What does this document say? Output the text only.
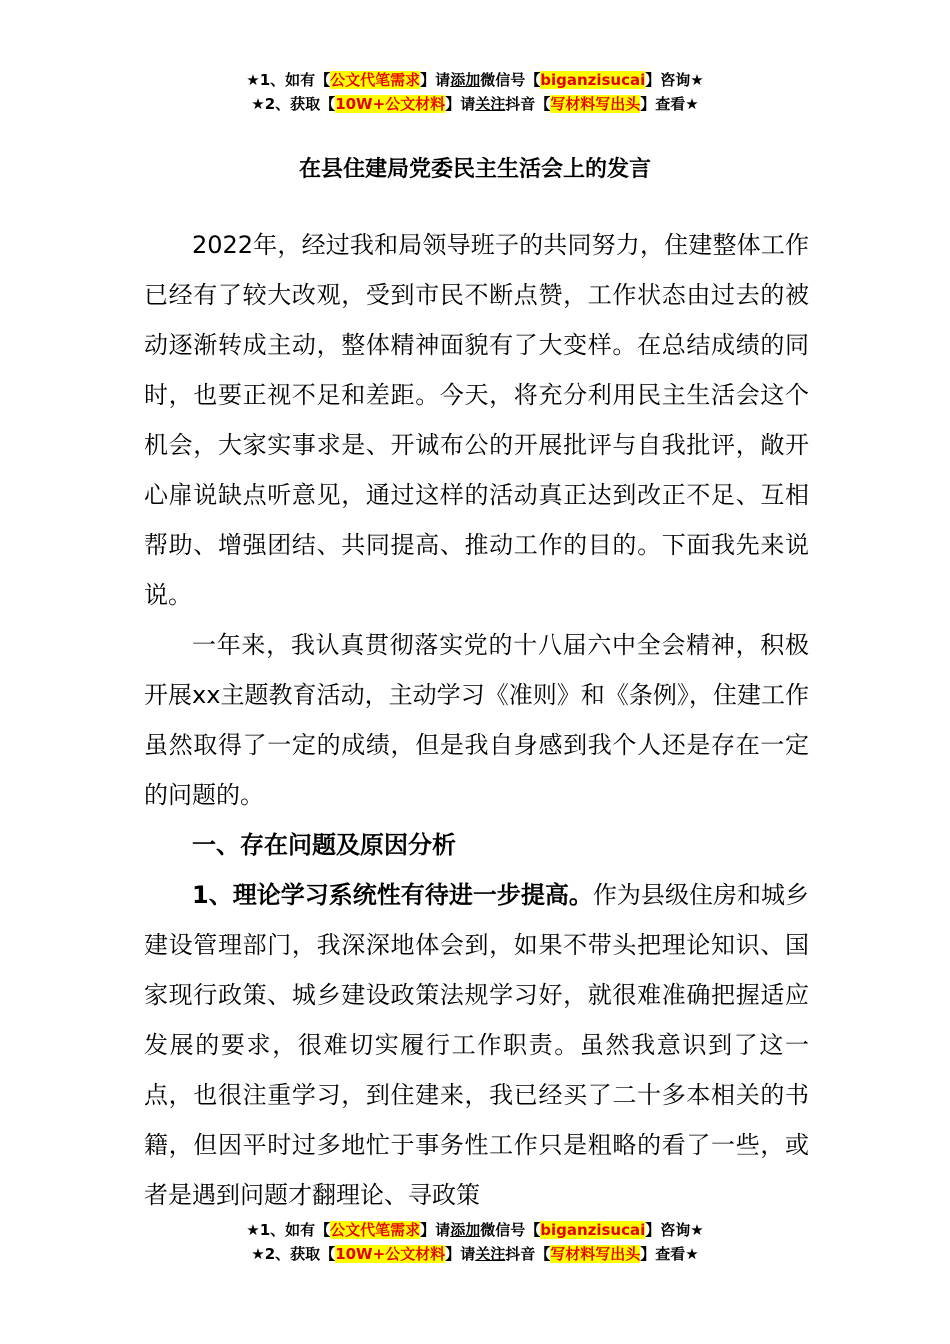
★1、如有【公文代笔需求】请添加微信号【biganzisucai】咨询★
★2、获取【10W+公文材料】请关注抖音【写材料写出头】查看★
在县住建局党委民主生活会上的发言

2022年，经过我和局领导班子的共同努力，住建整体工作已经有了较大改观，受到市民不断点赞，工作状态由过去的被动逐渐转成主动，整体精神面貌有了大变样。在总结成绩的同时，也要正视不足和差距。今天，将充分利用民主生活会这个机会，大家实事求是、开诚布公的开展批评与自我批评，敞开心扉说缺点听意见，通过这样的活动真正达到改正不足、互相帮助、增强团结、共同提高、推动工作的目的。下面我先来说说。

一年来，我认真贯彻落实党的十八届六中全会精神，积极开展xx主题教育活动，主动学习《准则》和《条例》，住建工作虽然取得了一定的成绩，但是我自身感到我个人还是存在一定的问题的。

一、存在问题及原因分析

1、理论学习系统性有待进一步提高。作为县级住房和城乡建设管理部门，我深深地体会到，如果不带头把理论知识、国家现行政策、城乡建设政策法规学习好，就很难准确把握适应发展的要求，很难切实履行工作职责。虽然我意识到了这一点，也很注重学习，到住建来，我已经买了二十多本相关的书籍，但因平时过多地忙于事务性工作只是粗略的看了一些，或者是遇到问题才翻理论、寻政策

★1、如有【公文代笔需求】请添加微信号【biganzisucai】咨询★
★2、获取【10W+公文材料】请关注抖音【写材料写出头】查看★
